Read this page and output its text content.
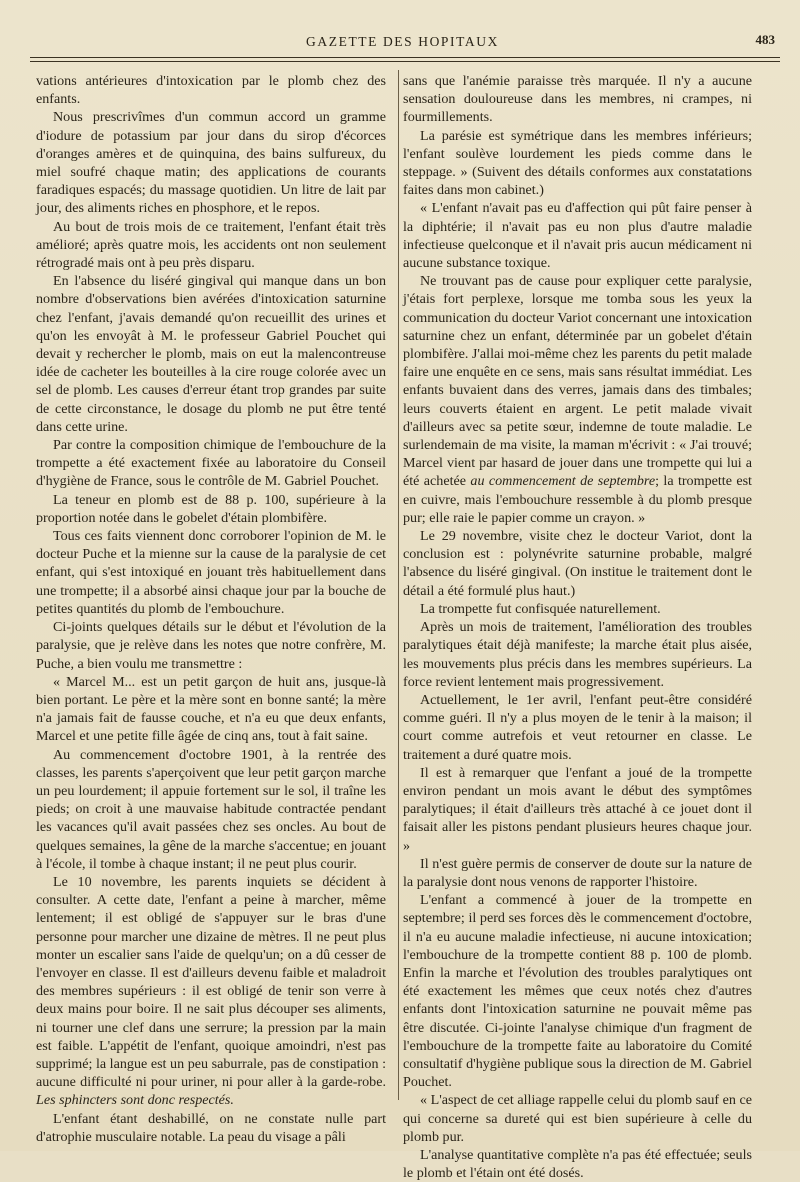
GAZETTE DES HOPITAUX	483

vations antérieures d'intoxication par le plomb chez des enfants.

Nous prescrivîmes d'un commun accord un gramme d'iodure de potassium par jour dans du sirop d'écorces d'oranges amères et de quinquina, des bains sulfureux, du miel soufré chaque matin; des applications de courants faradiques espacés; du massage quotidien. Un litre de lait par jour, des aliments riches en phosphore, et le repos.

Au bout de trois mois de ce traitement, l'enfant était très amélioré; après quatre mois, les accidents ont non seulement rétrogradé mais ont à peu près disparu.

En l'absence du liséré gingival qui manque dans un bon nombre d'observations bien avérées d'intoxication saturnine chez l'enfant, j'avais demandé qu'on recueillit des urines et qu'on les envoyât à M. le professeur Gabriel Pouchet qui devait y rechercher le plomb, mais on eut la malencontreuse idée de cacheter les bouteilles à la cire rouge colorée avec un sel de plomb. Les causes d'erreur étant trop grandes par suite de cette circonstance, le dosage du plomb ne put être tenté dans cette urine.

Par contre la composition chimique de l'embouchure de la trompette a été exactement fixée au laboratoire du Conseil d'hygiène de France, sous le contrôle de M. Gabriel Pouchet.

La teneur en plomb est de 88 p. 100, supérieure à la proportion notée dans le gobelet d'étain plombifère.

Tous ces faits viennent donc corroborer l'opinion de M. le docteur Puche et la mienne sur la cause de la paralysie de cet enfant, qui s'est intoxiqué en jouant très habituellement dans une trompette; il a absorbé ainsi chaque jour par la bouche de petites quantités du plomb de l'embouchure.

Ci-joints quelques détails sur le début et l'évolution de la paralysie, que je relève dans les notes que notre confrère, M. Puche, a bien voulu me transmettre :

« Marcel M... est un petit garçon de huit ans, jusque-là bien portant. Le père et la mère sont en bonne santé; la mère n'a jamais fait de fausse couche, et n'a eu que deux enfants, Marcel et une petite fille âgée de cinq ans, tout à fait saine.

Au commencement d'octobre 1901, à la rentrée des classes, les parents s'aperçoivent que leur petit garçon marche un peu lourdement; il appuie fortement sur le sol, il traîne les pieds; on croit à une mauvaise habitude contractée pendant les vacances qu'il avait passées chez ses oncles. Au bout de quelques semaines, la gêne de la marche s'accentue; en jouant à l'école, il tombe à chaque instant; il ne peut plus courir.

Le 10 novembre, les parents inquiets se décident à consulter. A cette date, l'enfant a peine à marcher, même lentement; il est obligé de s'appuyer sur le bras d'une personne pour marcher une dizaine de mètres. Il ne peut plus monter un escalier sans l'aide de quelqu'un; on a dû cesser de l'envoyer en classe. Il est d'ailleurs devenu faible et maladroit des membres supérieurs : il est obligé de tenir son verre à deux mains pour boire. Il ne sait plus découper ses aliments, ni tourner une clef dans une serrure; la pression par la main est faible. L'appétit de l'enfant, quoique amoindri, n'est pas supprimé; la langue est un peu saburrale, pas de constipation : aucune difficulté ni pour uriner, ni pour aller à la garde-robe. Les sphincters sont donc respectés.

L'enfant étant deshabillé, on ne constate nulle part d'atrophie musculaire notable. La peau du visage a pâli

sans que l'anémie paraisse très marquée. Il n'y a aucune sensation douloureuse dans les membres, ni crampes, ni fourmillements.

La parésie est symétrique dans les membres inférieurs; l'enfant soulève lourdement les pieds comme dans le steppage. » (Suivent des détails conformes aux constatations faites dans mon cabinet.)

« L'enfant n'avait pas eu d'affection qui pût faire penser à la diphtérie; il n'avait pas eu non plus d'autre maladie infectieuse quelconque et il n'avait pris aucun médicament ni aucune substance toxique.

Ne trouvant pas de cause pour expliquer cette paralysie, j'étais fort perplexe, lorsque me tomba sous les yeux la communication du docteur Variot concernant une intoxication saturnine chez un enfant, déterminée par un gobelet d'étain plombifère. J'allai moi-même chez les parents du petit malade faire une enquête en ce sens, mais sans résultat immédiat. Les enfants buvaient dans des verres, jamais dans des timbales; leurs couverts étaient en argent. Le petit malade vivait d'ailleurs avec sa petite sœur, indemne de toute maladie. Le surlendemain de ma visite, la maman m'écrivit : « J'ai trouvé; Marcel vient par hasard de jouer dans une trompette qui lui a été achetée au commencement de septembre; la trompette est en cuivre, mais l'embouchure ressemble à du plomb presque pur; elle raie le papier comme un crayon. »

Le 29 novembre, visite chez le docteur Variot, dont la conclusion est : polynévrite saturnine probable, malgré l'absence du liséré gingival. (On institue le traitement dont le détail a été formulé plus haut.)

La trompette fut confisquée naturellement.

Après un mois de traitement, l'amélioration des troubles paralytiques était déjà manifeste; la marche était plus aisée, les mouvements plus précis dans les membres supérieurs. La force revient lentement mais progressivement.

Actuellement, le 1er avril, l'enfant peut-être considéré comme guéri. Il n'y a plus moyen de le tenir à la maison; il court comme autrefois et veut retourner en classe. Le traitement a duré quatre mois.

Il est à remarquer que l'enfant a joué de la trompette environ pendant un mois avant le début des symptômes paralytiques; il était d'ailleurs très attaché à ce jouet dont il faisait aller les pistons pendant plusieurs heures chaque jour. »

Il n'est guère permis de conserver de doute sur la nature de la paralysie dont nous venons de rapporter l'histoire.

L'enfant a commencé à jouer de la trompette en septembre; il perd ses forces dès le commencement d'octobre, il n'a eu aucune maladie infectieuse, ni aucune intoxication; l'embouchure de la trompette contient 88 p. 100 de plomb. Enfin la marche et l'évolution des troubles paralytiques ont été exactement les mêmes que ceux notés chez d'autres enfants dont l'intoxication saturnine ne pouvait même pas être discutée. Ci-jointe l'analyse chimique d'un fragment de l'embouchure de la trompette faite au laboratoire du Comité consultatif d'hygiène publique sous la direction de M. Gabriel Pouchet.

« L'aspect de cet alliage rappelle celui du plomb sauf en ce qui concerne sa dureté qui est bien supérieure à celle du plomb pur.

L'analyse quantitative complète n'a pas été effectuée; seuls le plomb et l'étain ont été dosés.
